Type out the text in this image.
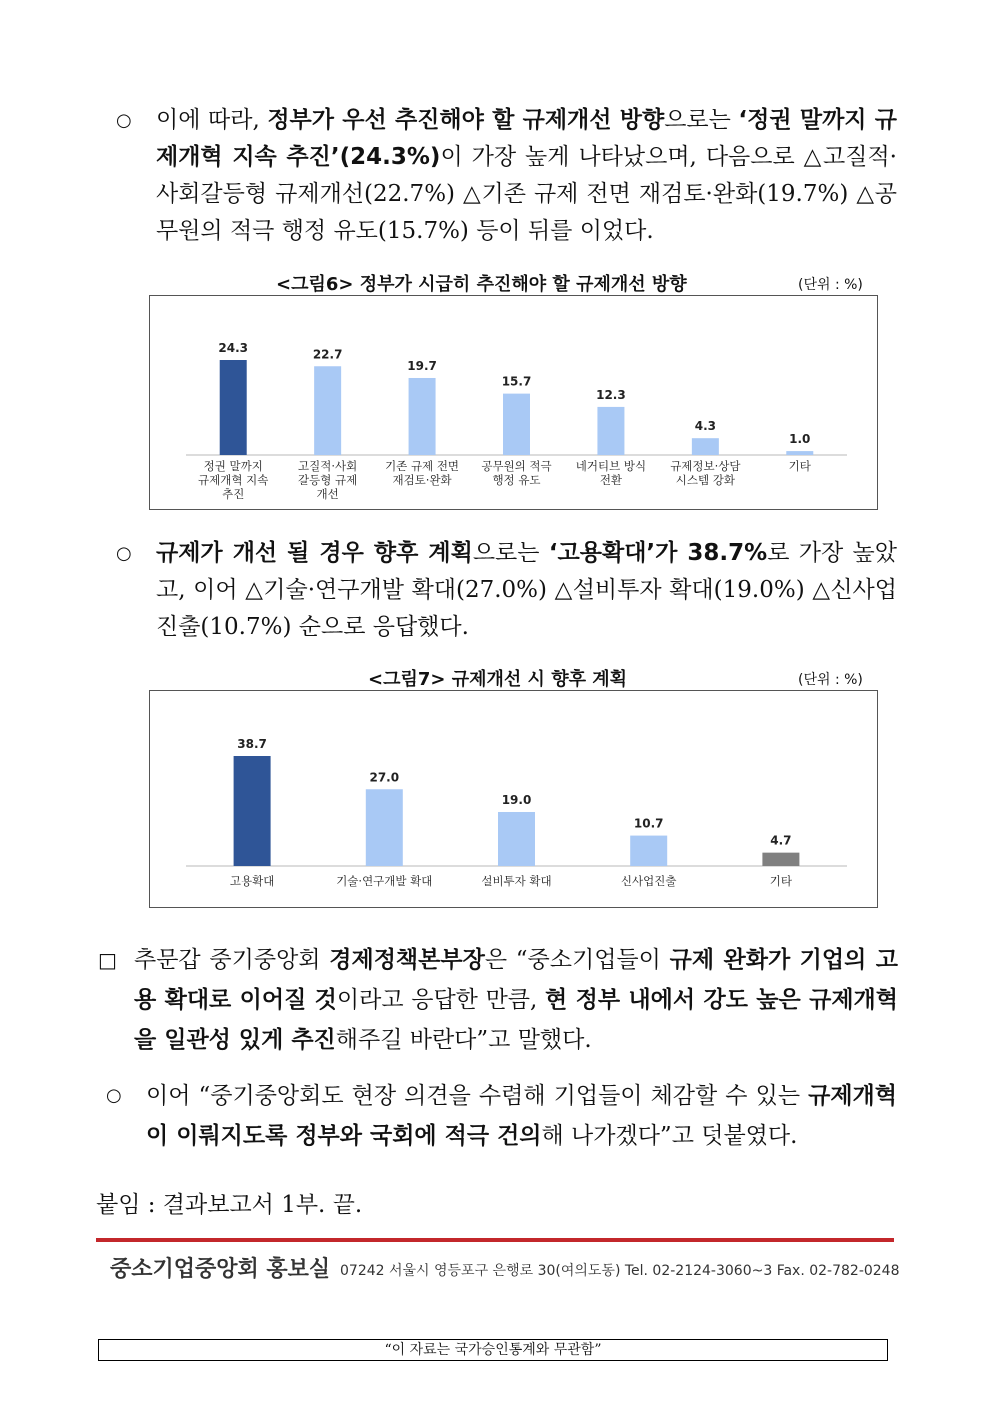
○	이에 따라, 정부가 우선 추진해야 할 규제개선 방향으로는 ‘정권 말까지 규제개혁 지속 추진’(24.3%)이 가장 높게 나타났으며, 다음으로 △고질적·사회갈등형 규제개선(22.7%) △기존 규제 전면 재검토·완화(19.7%) △공무원의 적극 행정 유도(15.7%) 등이 뒤를 이었다.
<그림6> 정부가 시급히 추진해야 할 규제개선 방향	(단위 : %)
24.3
정권 말까지
규제개혁 지속
추진
22.7
고질적·사회
갈등형 규제
개선
19.7
기존 규제 전면
재검토·완화
15.7
공무원의 적극
행정 유도
12.3
네거티브 방식
전환
4.3
규제정보·상담
시스템 강화
1.0
기타
○	규제가 개선 될 경우 향후 계획으로는 ‘고용확대’가 38.7%로 가장 높았고, 이어 △기술·연구개발 확대(27.0%) △설비투자 확대(19.0%) △신사업진출(10.7%) 순으로 응답했다.
<그림7> 규제개선 시 향후 계획	(단위 : %)
38.7
고용확대
27.0
기술·연구개발 확대
19.0
설비투자 확대
10.7
신사업진출
4.7
기타
□ 추문갑 중기중앙회 경제정책본부장은 “중소기업들이 규제 완화가 기업의 고용 확대로 이어질 것이라고 응답한 만큼, 현 정부 내에서 강도 높은 규제개혁을 일관성 있게 추진해주길 바란다”고 말했다.
○	이어 “중기중앙회도 현장 의견을 수렴해 기업들이 체감할 수 있는 규제개혁이 이뤄지도록 정부와 국회에 적극 건의해 나가겠다”고 덧붙였다.
붙임 : 결과보고서 1부. 끝.
중소기업중앙회 홍보실 07242 서울시 영등포구 은행로 30(여의도동) Tel. 02-2124-3060~3 Fax. 02-782-0248
“이 자료는 국가승인통계와 무관함”
